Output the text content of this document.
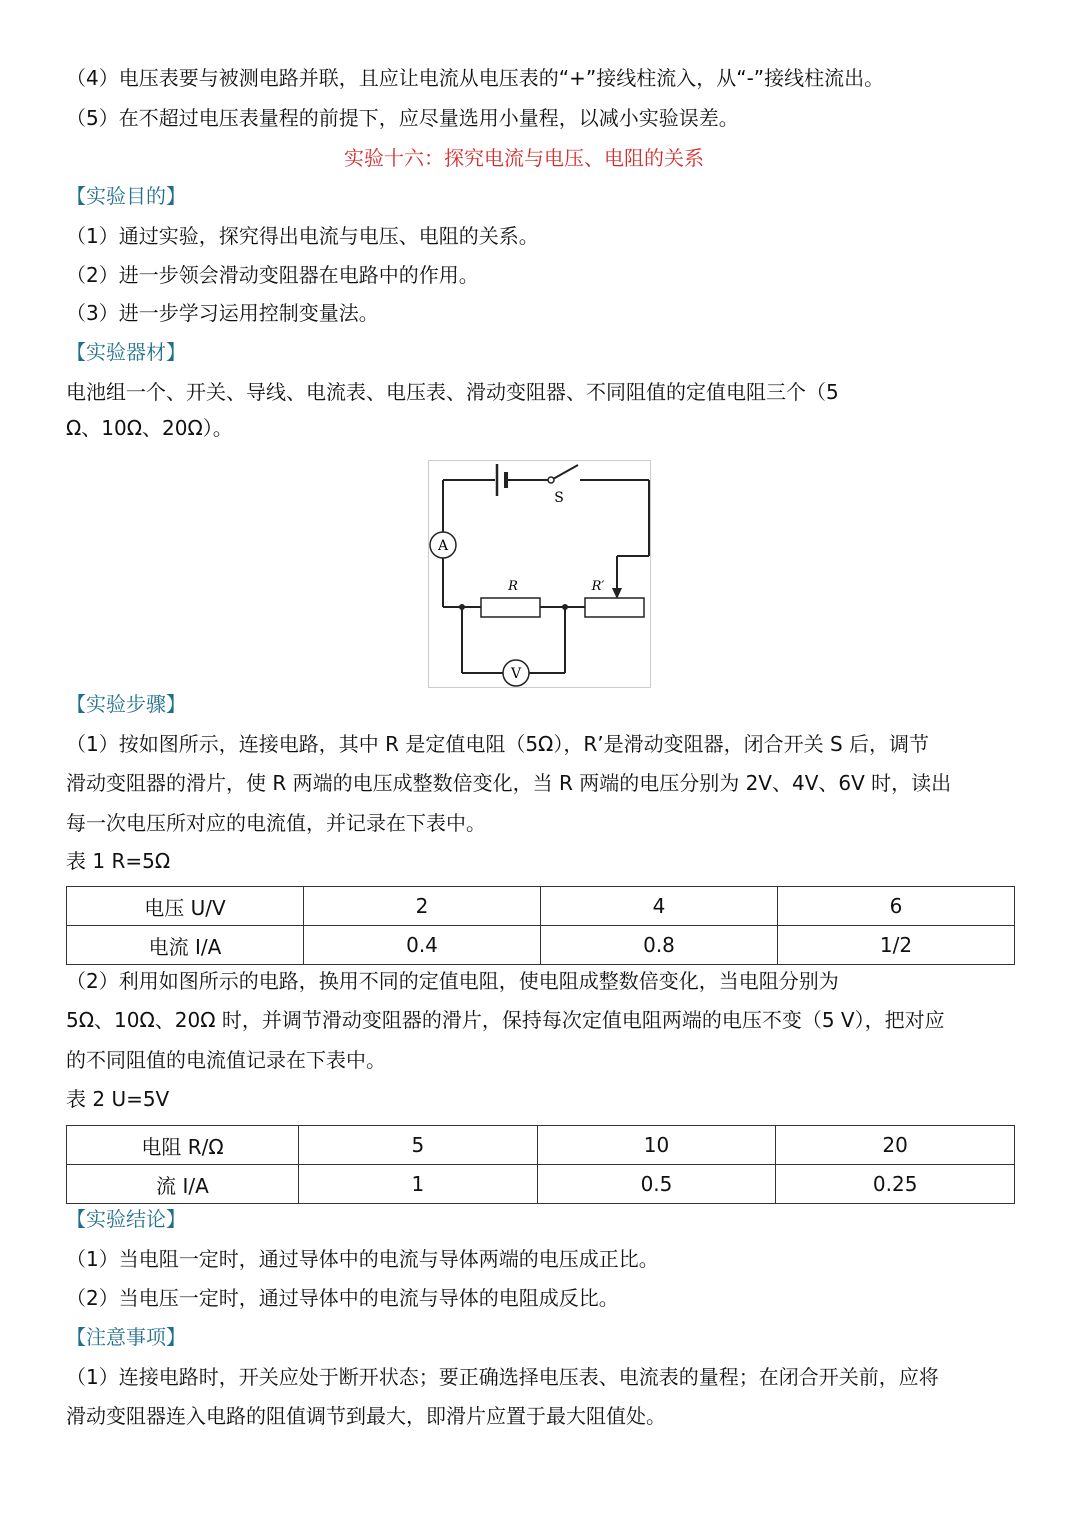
（4）电压表要与被测电路并联，且应让电流从电压表的“+”接线柱流入，从“-”接线柱流出。
（5）在不超过电压表量程的前提下，应尽量选用小量程，以减小实验误差。
实验十六：探究电流与电压、电阻的关系
【实验目的】
（1）通过实验，探究得出电流与电压、电阻的关系。
（2）进一步领会滑动变阻器在电路中的作用。
（3）进一步学习运用控制变量法。
【实验器材】
电池组一个、开关、导线、电流表、电压表、滑动变阻器、不同阻值的定值电阻三个（5
Ω、10Ω、20Ω）。
S
A
R	R′
V
【实验步骤】
（1）按如图所示，连接电路，其中 R 是定值电阻（5Ω），R’是滑动变阻器，闭合开关 S 后，调节
滑动变阻器的滑片，使 R 两端的电压成整数倍变化，当 R 两端的电压分别为 2V、4V、6V 时，读出
每一次电压所对应的电流值，并记录在下表中。
表 1 R=5Ω
电压 U/V	2	4	6
电流 I/A	0.4	0.8	1/2
（2）利用如图所示的电路，换用不同的定值电阻，使电阻成整数倍变化，当电阻分别为
5Ω、10Ω、20Ω 时，并调节滑动变阻器的滑片，保持每次定值电阻两端的电压不变（5 V），把对应
的不同阻值的电流值记录在下表中。
表 2 U=5V
电阻 R/Ω	5	10	20
流 I/A	1	0.5	0.25
【实验结论】
（1）当电阻一定时，通过导体中的电流与导体两端的电压成正比。
（2）当电压一定时，通过导体中的电流与导体的电阻成反比。
【注意事项】
（1）连接电路时，开关应处于断开状态；要正确选择电压表、电流表的量程；在闭合开关前，应将
滑动变阻器连入电路的阻值调节到最大，即滑片应置于最大阻值处。
